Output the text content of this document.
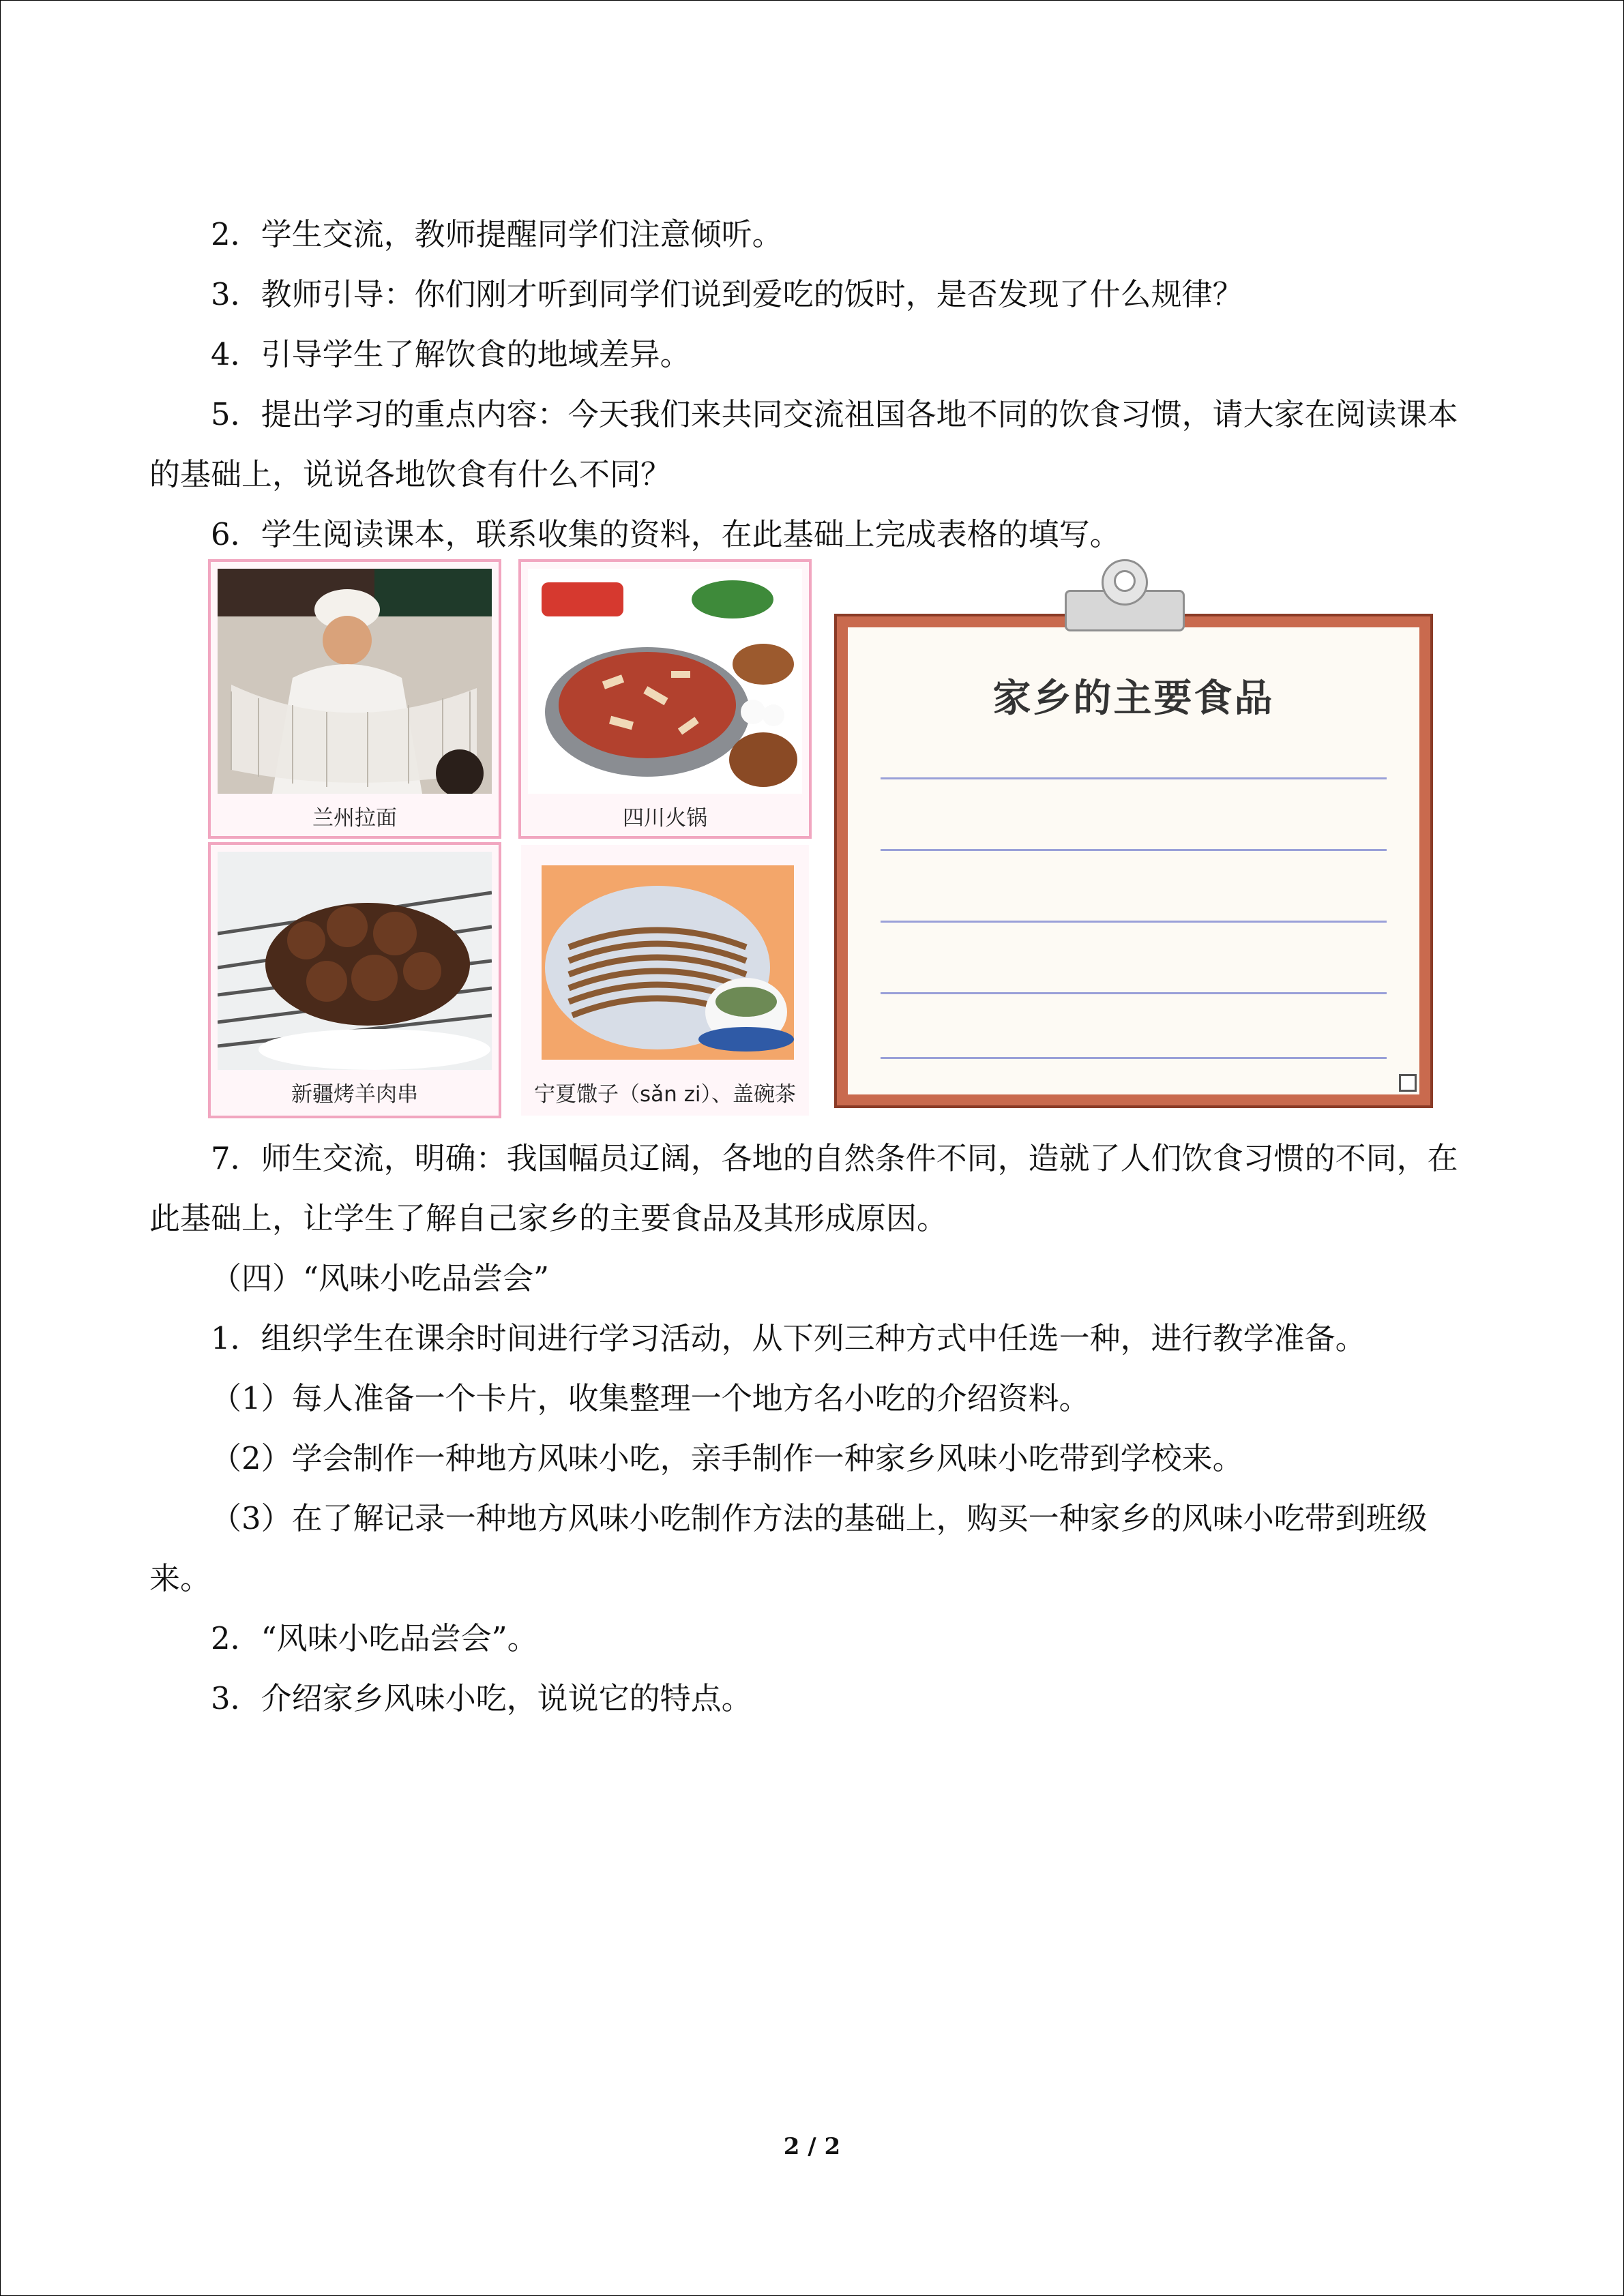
2．学生交流，教师提醒同学们注意倾听。

3．教师引导：你们刚才听到同学们说到爱吃的饭时，是否发现了什么规律？

4．引导学生了解饮食的地域差异。

5．提出学习的重点内容：今天我们来共同交流祖国各地不同的饮食习惯，请大家在阅读课本的基础上，说说各地饮食有什么不同？

6．学生阅读课本，联系收集的资料，在此基础上完成表格的填写。

兰州拉面	四川火锅
新疆烤羊肉串	宁夏馓子（sǎn zi）、盖碗茶
家乡的主要食品

7．师生交流，明确：我国幅员辽阔，各地的自然条件不同，造就了人们饮食习惯的不同，在此基础上，让学生了解自己家乡的主要食品及其形成原因。

（四）“风味小吃品尝会”

1．组织学生在课余时间进行学习活动，从下列三种方式中任选一种，进行教学准备。

（1）每人准备一个卡片，收集整理一个地方名小吃的介绍资料。

（2）学会制作一种地方风味小吃，亲手制作一种家乡风味小吃带到学校来。

（3）在了解记录一种地方风味小吃制作方法的基础上，购买一种家乡的风味小吃带到班级来。

2．“风味小吃品尝会”。

3．介绍家乡风味小吃，说说它的特点。

2 / 2
